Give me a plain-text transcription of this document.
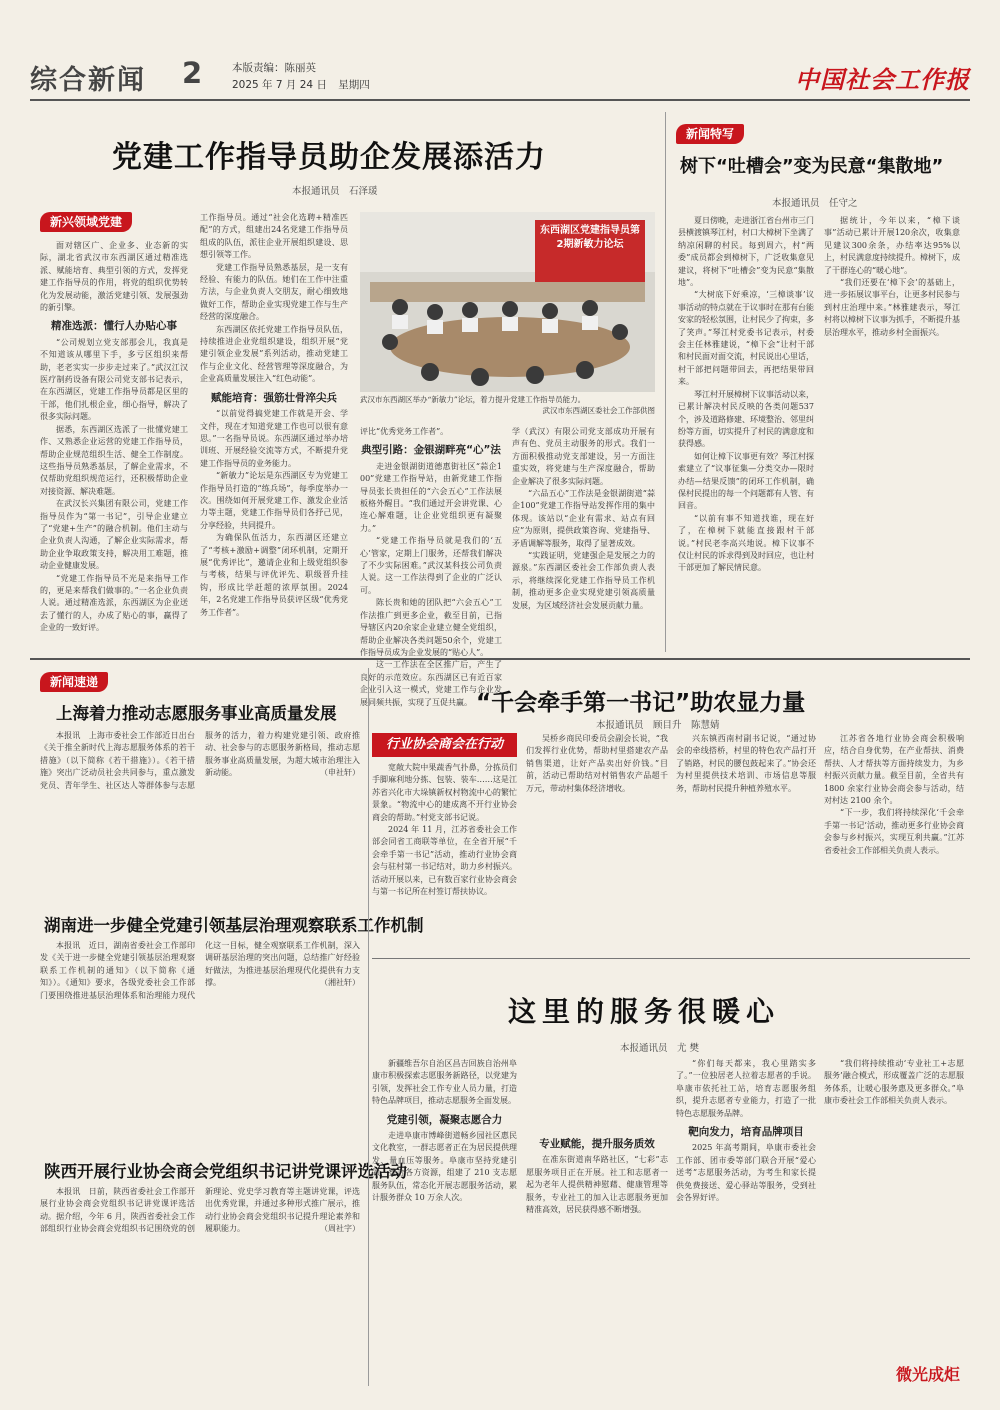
综合新闻 2	本版责编：陈丽英
2025 年 7 月 24 日 星期四	中国社会工作报
党建工作指导员助企发展添活力
本报通讯员　石泽瑗
新兴领域党建

面对辖区广、企业多、业态新的实际，湖北省武汉市东西湖区通过精准选派、赋能培育、典型引领的方式，发挥党建工作指导员的作用，将党的组织优势转化为发展动能，激活党建引领、发展强劲的新引擎。

精准选派：懂行人办贴心事

“公司规划立党支部那会儿，我真是不知道该从哪里下手，多亏区组织来帮助，老老实实一步步走过来了。”武汉江汉医疗制药设备有限公司党支部书记表示，在东西湖区，党建工作指导员都是区里的干部，他们扎根企业，细心指导，解决了很多实际问题。

据悉，东西湖区选派了一批懂党建工作、又熟悉企业运营的党建工作指导员，帮助企业规范组织生活、健全工作制度。这些指导员熟悉基层，了解企业需求，不仅帮助党组织规范运行，还积极帮助企业对接资源、解决难题。

在武汉长兴集团有限公司，党建工作指导员作为“第一书记”，引导企业建立了“党建+生产”的融合机制。他们主动与企业负责人沟通，了解企业实际需求，帮助企业争取政策支持，解决用工难题，推动企业健康发展。

“党建工作指导员不光是来指导工作的，更是来帮我们做事的。”一名企业负责人说。通过精准选派，东西湖区为企业送去了懂行的人，办成了贴心的事，赢得了企业的一致好评。

工作指导员。通过“社会化选聘+精准匹配”的方式，组建出24名党建工作指导员组成的队伍，派往企业开展组织建设、思想引领等工作。

党建工作指导员熟悉基层，是一支有经验、有能力的队伍。她们在工作中注重方法，与企业负责人交朋友，耐心细致地做好工作，帮助企业实现党建工作与生产经营的深度融合。

东西湖区依托党建工作指导员队伍，持续推进企业党组织建设，组织开展“党建引领企业发展”系列活动，推动党建工作与企业文化、经营管理等深度融合，为企业高质量发展注入“红色动能”。

赋能培育：强筋壮骨淬尖兵

“以前觉得搞党建工作就是开会、学文件，现在才知道党建工作也可以很有意思。”一名指导员说。东西湖区通过举办培训班、开展经验交流等方式，不断提升党建工作指导员的业务能力。

“新敏力”论坛是东西湖区专为党建工作指导员打造的“练兵场”，每季度举办一次。围绕如何开展党建工作、激发企业活力等主题，党建工作指导员们各抒己见，分享经验，共同提升。

为确保队伍活力，东西湖区还建立了“考核+激励+调整”闭环机制，定期开展“优秀评比”，邀请企业和上级党组织参与考核，结果与评优评先、职级晋升挂钩，形成比学赶超的浓厚氛围。2024年，2名党建工作指导员获评区级“优秀党务工作者”。

东西湖区党建指导员第2期新敏力论坛
武汉市东西湖区举办“新敏力”论坛，着力提升党建工作指导员能力。
武汉市东西湖区委社会工作部供图

评比“优秀党务工作者”。

典型引路：金银湖畔亮“心”法

走进金银湖街道德惠街社区“蒜企100”党建工作指导站，由新党建工作指导员张长贵担任的“六会五心”工作法展板格外醒目。“我们通过开会讲党课、心连心解难题，让企业党组织更有凝聚力。”

“党建工作指导员就是我们的‘五心’管家，定期上门服务，还帮我们解决了不少实际困难。”武汉某科技公司负责人说。这一工作法得到了企业的广泛认可。

陈长贵和她的团队把“六会五心”工作法推广到更多企业，截至目前，已指导辖区内20余家企业建立健全党组织，帮助企业解决各类问题50余个，党建工作指导员成为企业发展的“贴心人”。

这一工作法在全区推广后，产生了良好的示范效应。东西湖区已有近百家企业引入这一模式，党建工作与企业发展同频共振，实现了互促共赢。

学（武汉）有限公司党支部成功开展有声有色、党员主动服务的形式。我们一方面积极推动党支部建设，另一方面注重实效，将党建与生产深度融合，帮助企业解决了很多实际问题。

“六品五心”工作法是金银湖街道“蒜企100”党建工作指导站发挥作用的集中体现。该站以“企业有需求、站点有回应”为原则，提供政策咨询、党建指导、矛盾调解等服务，取得了显著成效。

“实践证明，党建强企是发展之力的源泉。”东西湖区委社会工作部负责人表示，将继续深化党建工作指导员工作机制，推动更多企业实现党建引领高质量发展，为区域经济社会发展贡献力量。

新闻特写
树下“吐槽会”变为民意“集散地”
本报通讯员　任守之

夏日傍晚，走进浙江省台州市三门县横渡镇琴江村，村口大樟树下坐满了纳凉闲聊的村民。每到周六，村“两委”成员都会到樟树下，广泛收集意见建议，将树下“吐槽会”变为民意“集散地”。

“大树底下好乘凉，‘三樟谈事’议事活动的特点就在于议事时在那有台能安家的轻松氛围，让村民少了拘束，多了笑声。”琴江村党委书记表示，村委会主任林雅建说，“樟下会”让村干部和村民面对面交流，村民说出心里话，村干部把问题带回去，再把结果带回来。

琴江村开展樟树下议事活动以来，已累计解决村民反映的各类问题537个，涉及道路修建、环境整治、邻里纠纷等方面，切实提升了村民的满意度和获得感。

如何让樟下议事更有效？琴江村探索建立了“议事征集—分类交办—限时办结—结果反馈”的闭环工作机制，确保村民提出的每一个问题都有人管、有回音。

“以前有事不知道找谁，现在好了，在樟树下就能直接跟村干部说。”村民老李高兴地说。樟下议事不仅让村民的诉求得到及时回应，也让村干部更加了解民情民意。

据统计，今年以来，“樟下谈事”活动已累计开展120余次，收集意见建议300余条，办结率达95%以上，村民满意度持续提升。樟树下，成了干群连心的“暖心地”。

“我们还要在‘樟下会’的基础上，进一步拓展议事平台，让更多村民参与到村庄治理中来。”林雅建表示，琴江村将以樟树下议事为抓手，不断提升基层治理水平，推动乡村全面振兴。

新闻速递
上海着力推动志愿服务事业高质量发展

本报讯　上海市委社会工作部近日出台《关于推全新时代上海志愿服务体系的若干措施》（以下简称《若干措施》）。《若干措施》突出广泛动员社会共同参与，重点激发党员、青年学生、社区达人等群体参与志愿服务的活力，着力构建党建引领、政府推动、社会参与的志愿服务新格局，推动志愿服务事业高质量发展，为超大城市治理注入新动能。	（申社轩）

湖南进一步健全党建引领基层治理观察联系工作机制

本报讯　近日，湖南省委社会工作部印发《关于进一步健全党建引领基层治理观察联系工作机制的通知》（以下简称《通知》）。《通知》要求，各级党委社会工作部门要围绕推进基层治理体系和治理能力现代化这一目标，健全观察联系工作机制，深入调研基层治理的突出问题，总结推广好经验好做法，为推进基层治理现代化提供有力支撑。	（湘社轩）

陕西开展行业协会商会党组织书记讲党课评选活动

本报讯　日前，陕西省委社会工作部开展行业协会商会党组织书记讲党课评选活动。据介绍，今年 6 月，陕西省委社会工作部组织行业协会商会党组织书记围绕党的创新理论、党史学习教育等主题讲党课，评选出优秀党课，并通过多种形式推广展示，推动行业协会商会党组织书记提升理论素养和履职能力。	（周社字）

“千会牵手第一书记”助农显力量
本报通讯员　顾目升　陈慧婧
行业协会商会在行动

宽敞大院中果蔬香气扑鼻，分拣员们手脚麻利地分拣、包装、装车……这是江苏省兴化市大垛镇新权村物流中心的繁忙景象。“物流中心的建成离不开行业协会商会的帮助。”村党支部书记说。

2024 年 11 月，江苏省委社会工作部会同省工商联等单位，在全省开展“千会牵手第一书记”活动，推动行业协会商会与驻村第一书记结对，助力乡村振兴。活动开展以来，已有数百家行业协会商会与第一书记所在村签订帮扶协议。

吴桥乡商民印委员会副会长说，“我们发挥行业优势，帮助村里搭建农产品销售渠道，让好产品卖出好价钱。”目前，活动已帮助结对村销售农产品超千万元，带动村集体经济增收。

兴东镇西南村副书记说，“通过协会的牵线搭桥，村里的特色农产品打开了销路，村民的腰包鼓起来了。”协会还为村里提供技术培训、市场信息等服务，帮助村民提升种植养殖水平。

江苏省各地行业协会商会积极响应，结合自身优势，在产业帮扶、消费帮扶、人才帮扶等方面持续发力，为乡村振兴贡献力量。截至目前，全省共有 1800 余家行业协会商会参与活动，结对村达 2100 余个。

“下一步，我们将持续深化‘千会牵手第一书记’活动，推动更多行业协会商会参与乡村振兴，实现互利共赢。”江苏省委社会工作部相关负责人表示。

这里的服务很暖心
本报通讯员　尤 樊

新疆维吾尔自治区昌吉回族自治州阜康市积极探索志愿服务新路径，以党建为引领，发挥社会工作专业人员力量，打造特色品牌项目，推动志愿服务全面发展。

党建引领，凝聚志愿合力

走进阜康市博峰街道畅乡园社区惠民文化教室，一群志愿者正在为居民提供理发、量血压等服务。阜康市坚持党建引领，整合各方资源，组建了 210 支志愿服务队伍，常态化开展志愿服务活动，累计服务群众 10 万余人次。

专业赋能，提升服务质效

在准东街道南华路社区，“七彩”志愿服务项目正在开展。社工和志愿者一起为老年人提供精神慰藉、健康管理等服务，专业社工的加入让志愿服务更加精准高效，居民获得感不断增强。

“你们每天都来，我心里踏实多了。”一位独居老人拉着志愿者的手说。阜康市依托社工站，培育志愿服务组织，提升志愿者专业能力，打造了一批特色志愿服务品牌。

靶向发力，培育品牌项目

2025 年高考期间，阜康市委社会工作部、团市委等部门联合开展“爱心送考”志愿服务活动，为考生和家长提供免费接送、爱心驿站等服务，受到社会各界好评。

“我们将持续推动‘专业社工+志愿服务’融合模式，形成覆盖广泛的志愿服务体系，让暖心服务惠及更多群众。”阜康市委社会工作部相关负责人表示。

微光成炬
